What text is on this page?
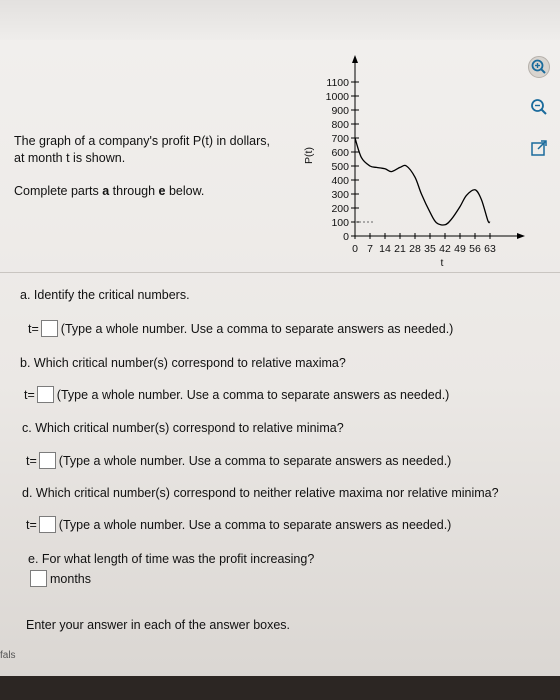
The graph of a company's profit P(t) in dollars,
at month t is shown.
Complete parts a through e below.
0
100
200
300
400
500
600
700
800
900
1000
1100
0 7 14 21 28 35 42 49 56 63
t
P(t)
a. Identify the critical numbers.
t= (Type a whole number. Use a comma to separate answers as needed.)
b. Which critical number(s) correspond to relative maxima?
t= (Type a whole number. Use a comma to separate answers as needed.)
c. Which critical number(s) correspond to relative minima?
t= (Type a whole number. Use a comma to separate answers as needed.)
d. Which critical number(s) correspond to neither relative maxima nor relative minima?
t= (Type a whole number. Use a comma to separate answers as needed.)
e. For what length of time was the profit increasing?
months
Enter your answer in each of the answer boxes.
fals
